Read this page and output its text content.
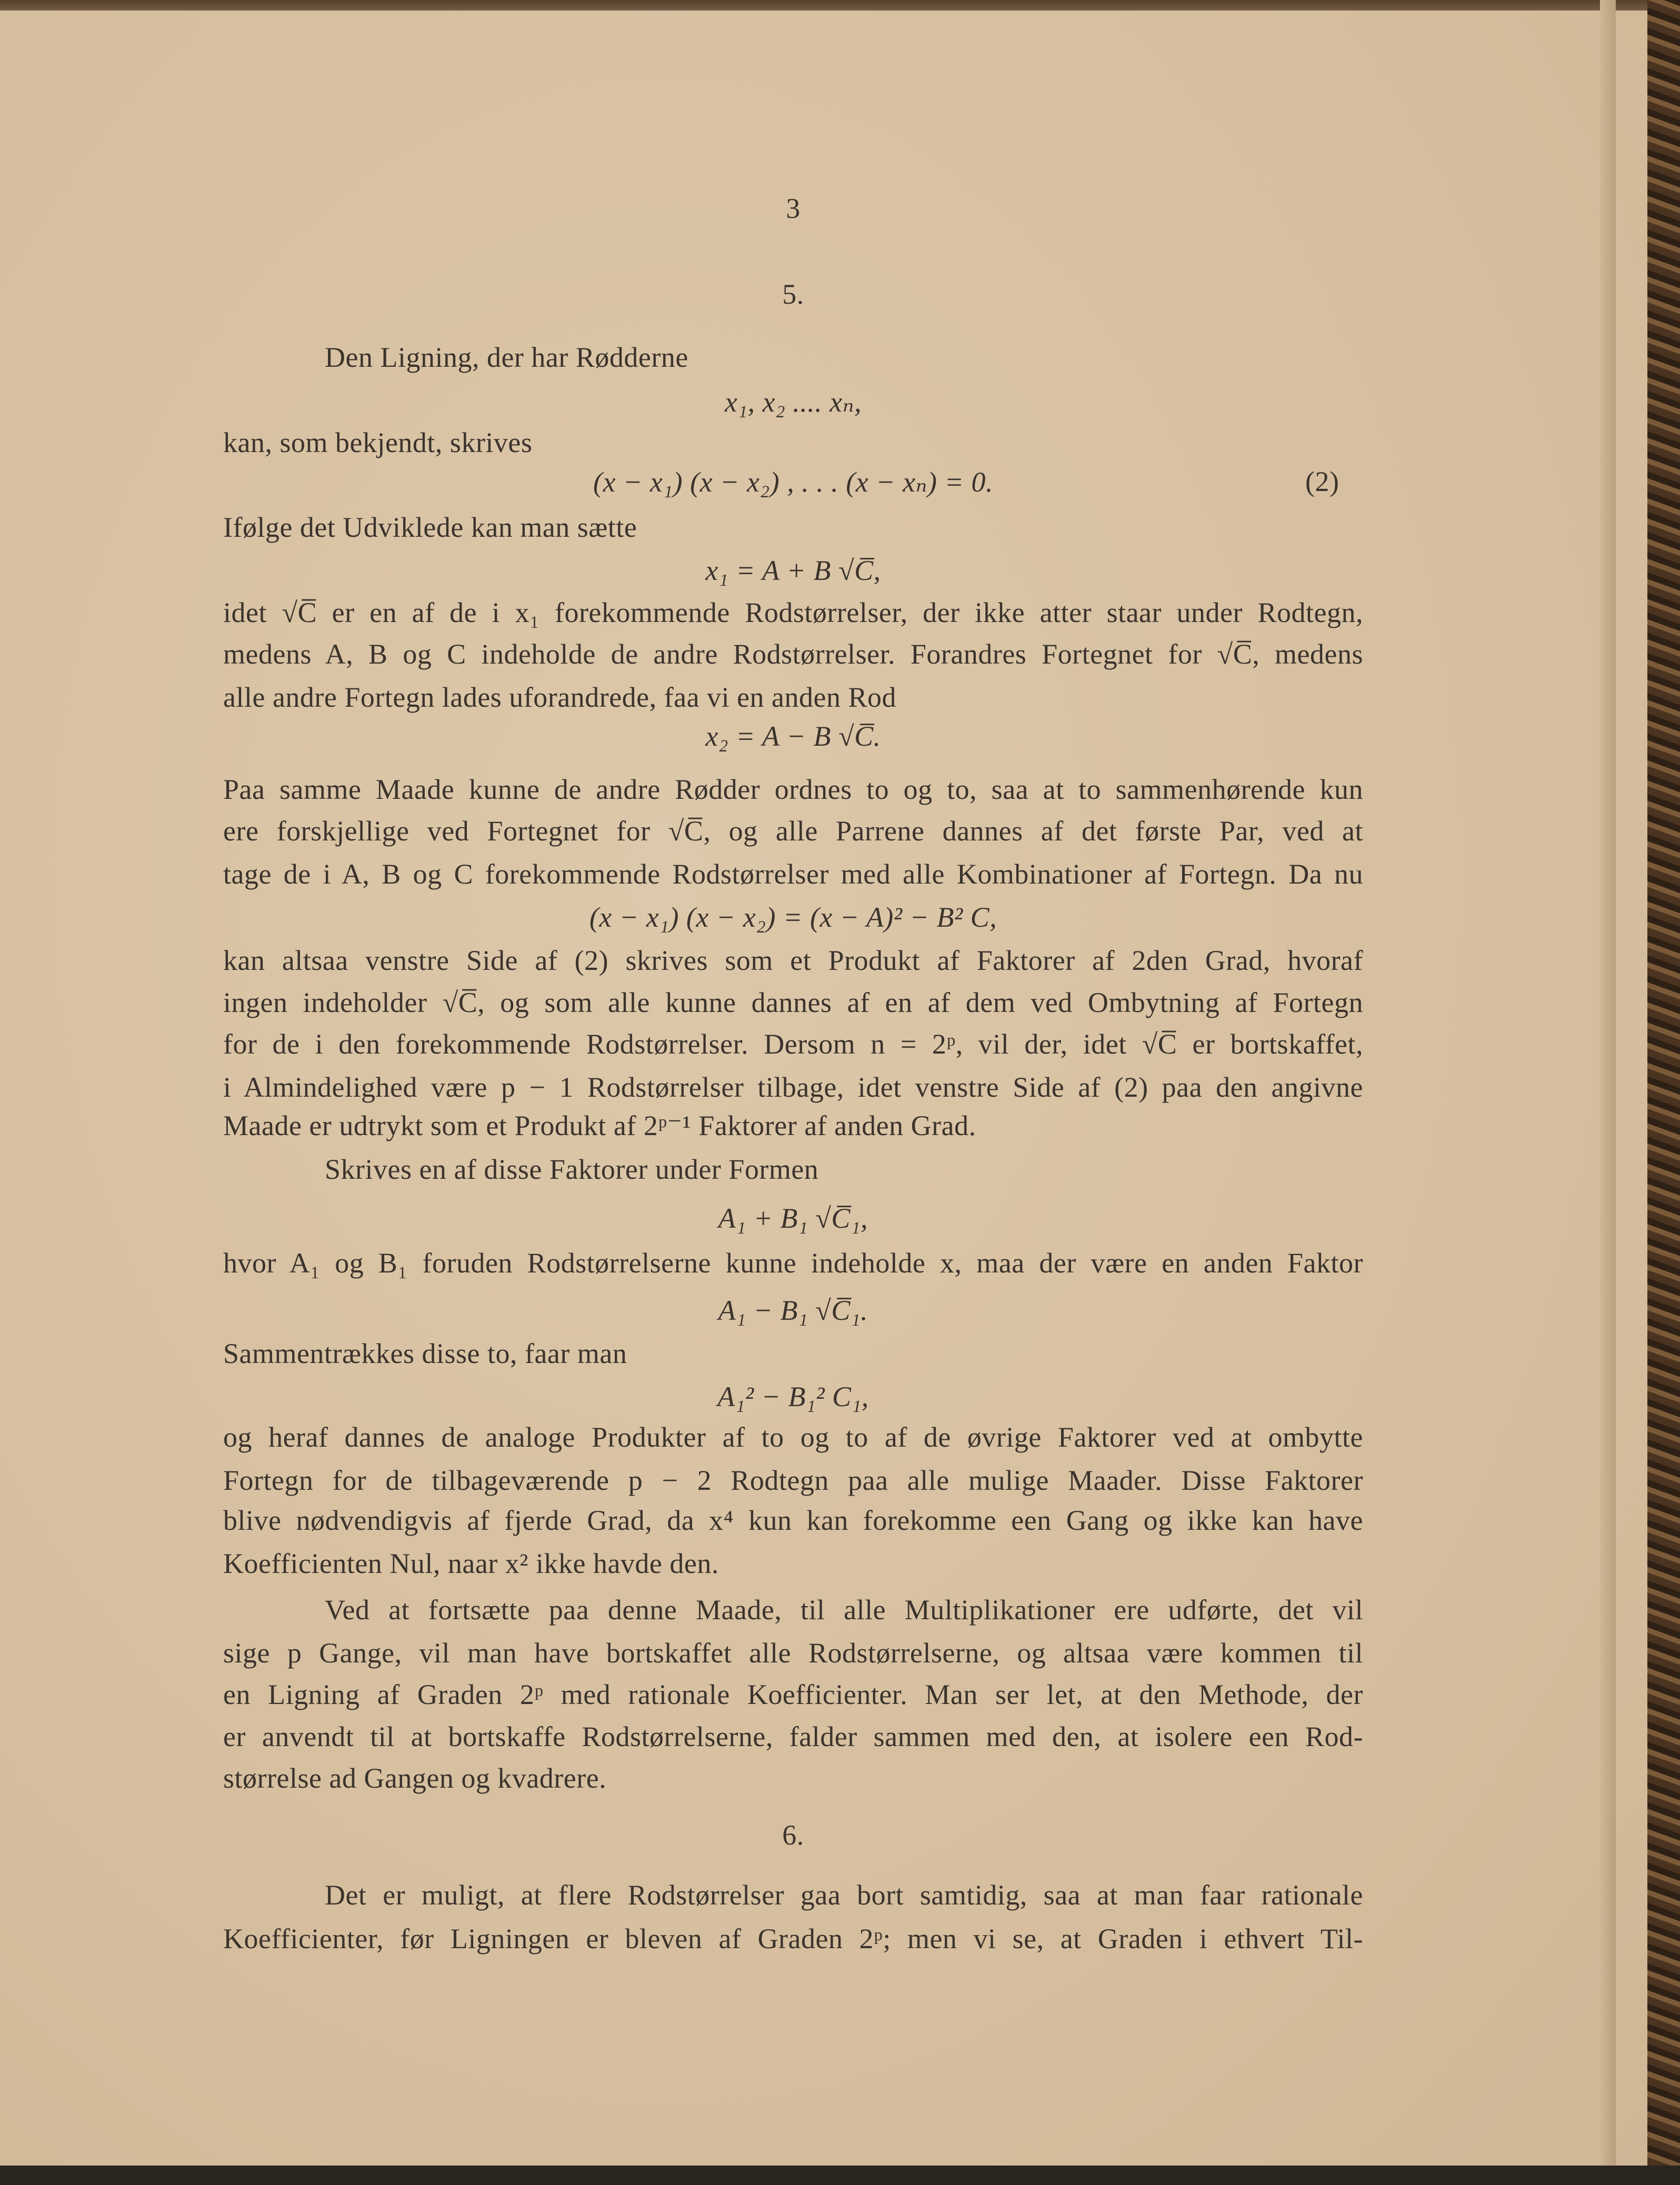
3
5.
(2)
6.
Den Ligning, der har Rødderne
x₁, x₂ .... xₙ,
kan, som bekjendt, skrives
(x − x₁) (x − x₂) , . . . (x − xₙ) = 0.
Ifølge det Udviklede kan man sætte
x₁ = A + B √C̅,
idet √C̅ er en af de i x₁ forekommende Rodstørrelser, der ikke atter staar under Rodtegn,
medens A, B og C indeholde de andre Rodstørrelser. Forandres Fortegnet for √C̅, medens
alle andre Fortegn lades uforandrede, faa vi en anden Rod
x₂ = A − B √C̅.
Paa samme Maade kunne de andre Rødder ordnes to og to, saa at to sammenhørende kun
ere forskjellige ved Fortegnet for √C̅, og alle Parrene dannes af det første Par, ved at
tage de i A, B og C forekommende Rodstørrelser med alle Kombinationer af Fortegn. Da nu
(x − x₁) (x − x₂) = (x − A)² − B² C,
kan altsaa venstre Side af (2) skrives som et Produkt af Faktorer af 2den Grad, hvoraf
ingen indeholder √C̅, og som alle kunne dannes af en af dem ved Ombytning af Fortegn
for de i den forekommende Rodstørrelser. Dersom n = 2ᵖ, vil der, idet √C̅ er bortskaffet,
i Almindelighed være p − 1 Rodstørrelser tilbage, idet venstre Side af (2) paa den angivne
Maade er udtrykt som et Produkt af 2ᵖ⁻¹ Faktorer af anden Grad.
Skrives en af disse Faktorer under Formen
A₁ + B₁ √C̅₁,
hvor A₁ og B₁ foruden Rodstørrelserne kunne indeholde x, maa der være en anden Faktor
A₁ − B₁ √C̅₁.
Sammentrækkes disse to, faar man
A₁² − B₁² C₁,
og heraf dannes de analoge Produkter af to og to af de øvrige Faktorer ved at ombytte
Fortegn for de tilbageværende p − 2 Rodtegn paa alle mulige Maader. Disse Faktorer
blive nødvendigvis af fjerde Grad, da x⁴ kun kan forekomme een Gang og ikke kan have
Koefficienten Nul, naar x² ikke havde den.
Ved at fortsætte paa denne Maade, til alle Multiplikationer ere udførte, det vil
sige p Gange, vil man have bortskaffet alle Rodstørrelserne, og altsaa være kommen til
en Ligning af Graden 2ᵖ med rationale Koefficienter. Man ser let, at den Methode, der
er anvendt til at bortskaffe Rodstørrelserne, falder sammen med den, at isolere een Rod-
størrelse ad Gangen og kvadrere.
Det er muligt, at flere Rodstørrelser gaa bort samtidig, saa at man faar rationale
Koefficienter, før Ligningen er bleven af Graden 2ᵖ; men vi se, at Graden i ethvert Til-
